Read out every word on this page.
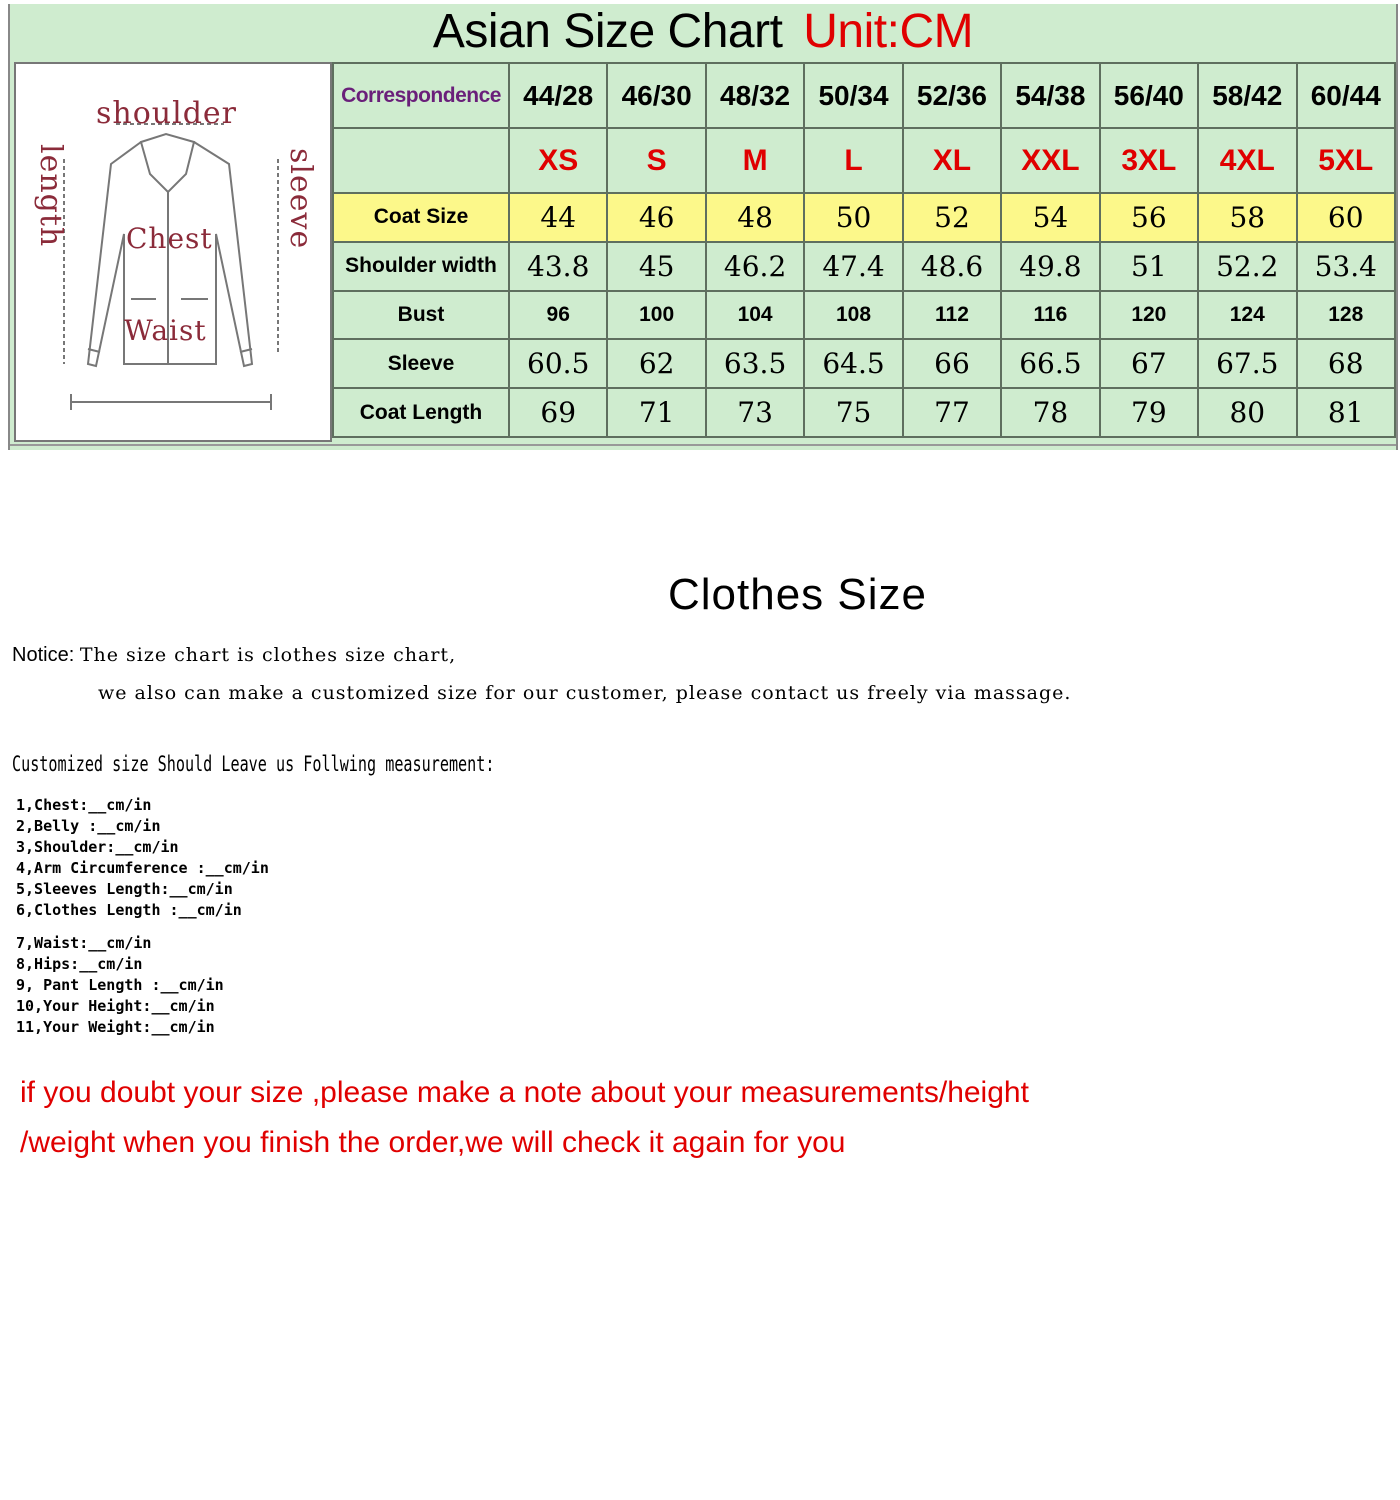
Asian Size Chart Unit:CM
shoulder
Chest
Waist
length	sleeve
Correspondence	44/28	46/30	48/32	50/34	52/36	54/38	56/40	58/42	60/44
	XS	S	M	L	XL	XXL	3XL	4XL	5XL
Coat Size	44	46	48	50	52	54	56	58	60
Shoulder width	43.8	45	46.2	47.4	48.6	49.8	51	52.2	53.4
Bust	96	100	104	108	112	116	120	124	128
Sleeve	60.5	62	63.5	64.5	66	66.5	67	67.5	68
Coat Length	69	71	73	75	77	78	79	80	81
Clothes Size
Notice: The size chart is clothes size chart,
we also can make a customized size for our customer, please contact us freely via massage.
Customized size Should Leave us Follwing measurement:
1,Chest:__cm/in
2,Belly :__cm/in
3,Shoulder:__cm/in
4,Arm Circumference :__cm/in
5,Sleeves Length:__cm/in
6,Clothes Length :__cm/in
7,Waist:__cm/in
8,Hips:__cm/in
9, Pant Length :__cm/in
10,Your Height:__cm/in
11,Your Weight:__cm/in
if you doubt your size ,please make a note about your measurements/height
/weight when you finish the order,we will check it again for you
